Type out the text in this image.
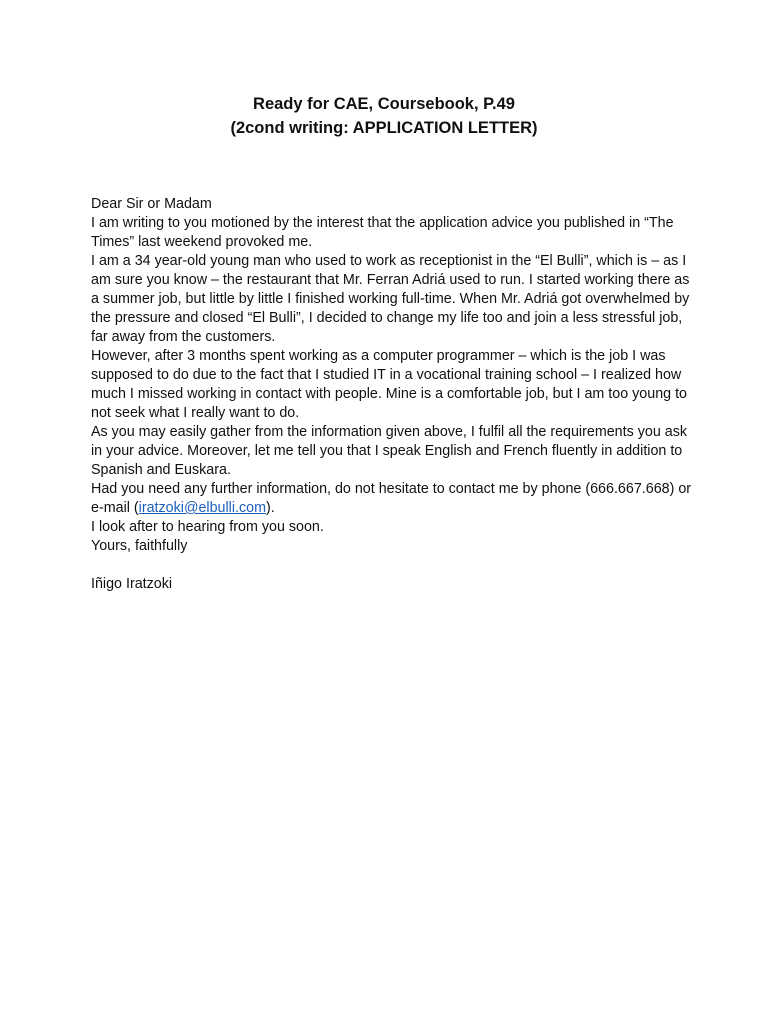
Ready for CAE, Coursebook, P.49
(2cond writing: APPLICATION LETTER)
Dear Sir or Madam
I am writing to you motioned by the interest that the application advice you published in “The
Times” last weekend provoked me.
I am a 34 year-old young man who used to work as receptionist in the “El Bulli”, which is – as I
am sure you know – the restaurant that Mr. Ferran Adriá used to run. I started working there as
a summer job, but little by little I finished working full-time. When Mr. Adriá got overwhelmed by
the pressure and closed “El Bulli”, I decided to change my life too and join a less stressful job,
far away from the customers.
However, after 3 months spent working as a computer programmer – which is the job I was
supposed to do due to the fact that I studied IT in a vocational training school – I realized how
much I missed working in contact with people. Mine is a comfortable job, but I am too young to
not seek what I really want to do.
As you may easily gather from the information given above, I fulfil all the requirements you ask
in your advice. Moreover, let me tell you that I speak English and French fluently in addition to
Spanish and Euskara.
Had you need any further information, do not hesitate to contact me by phone (666.667.668) or
e-mail (iratzoki@elbulli.com).
I look after to hearing from you soon.
Yours, faithfully
Iñigo Iratzoki
